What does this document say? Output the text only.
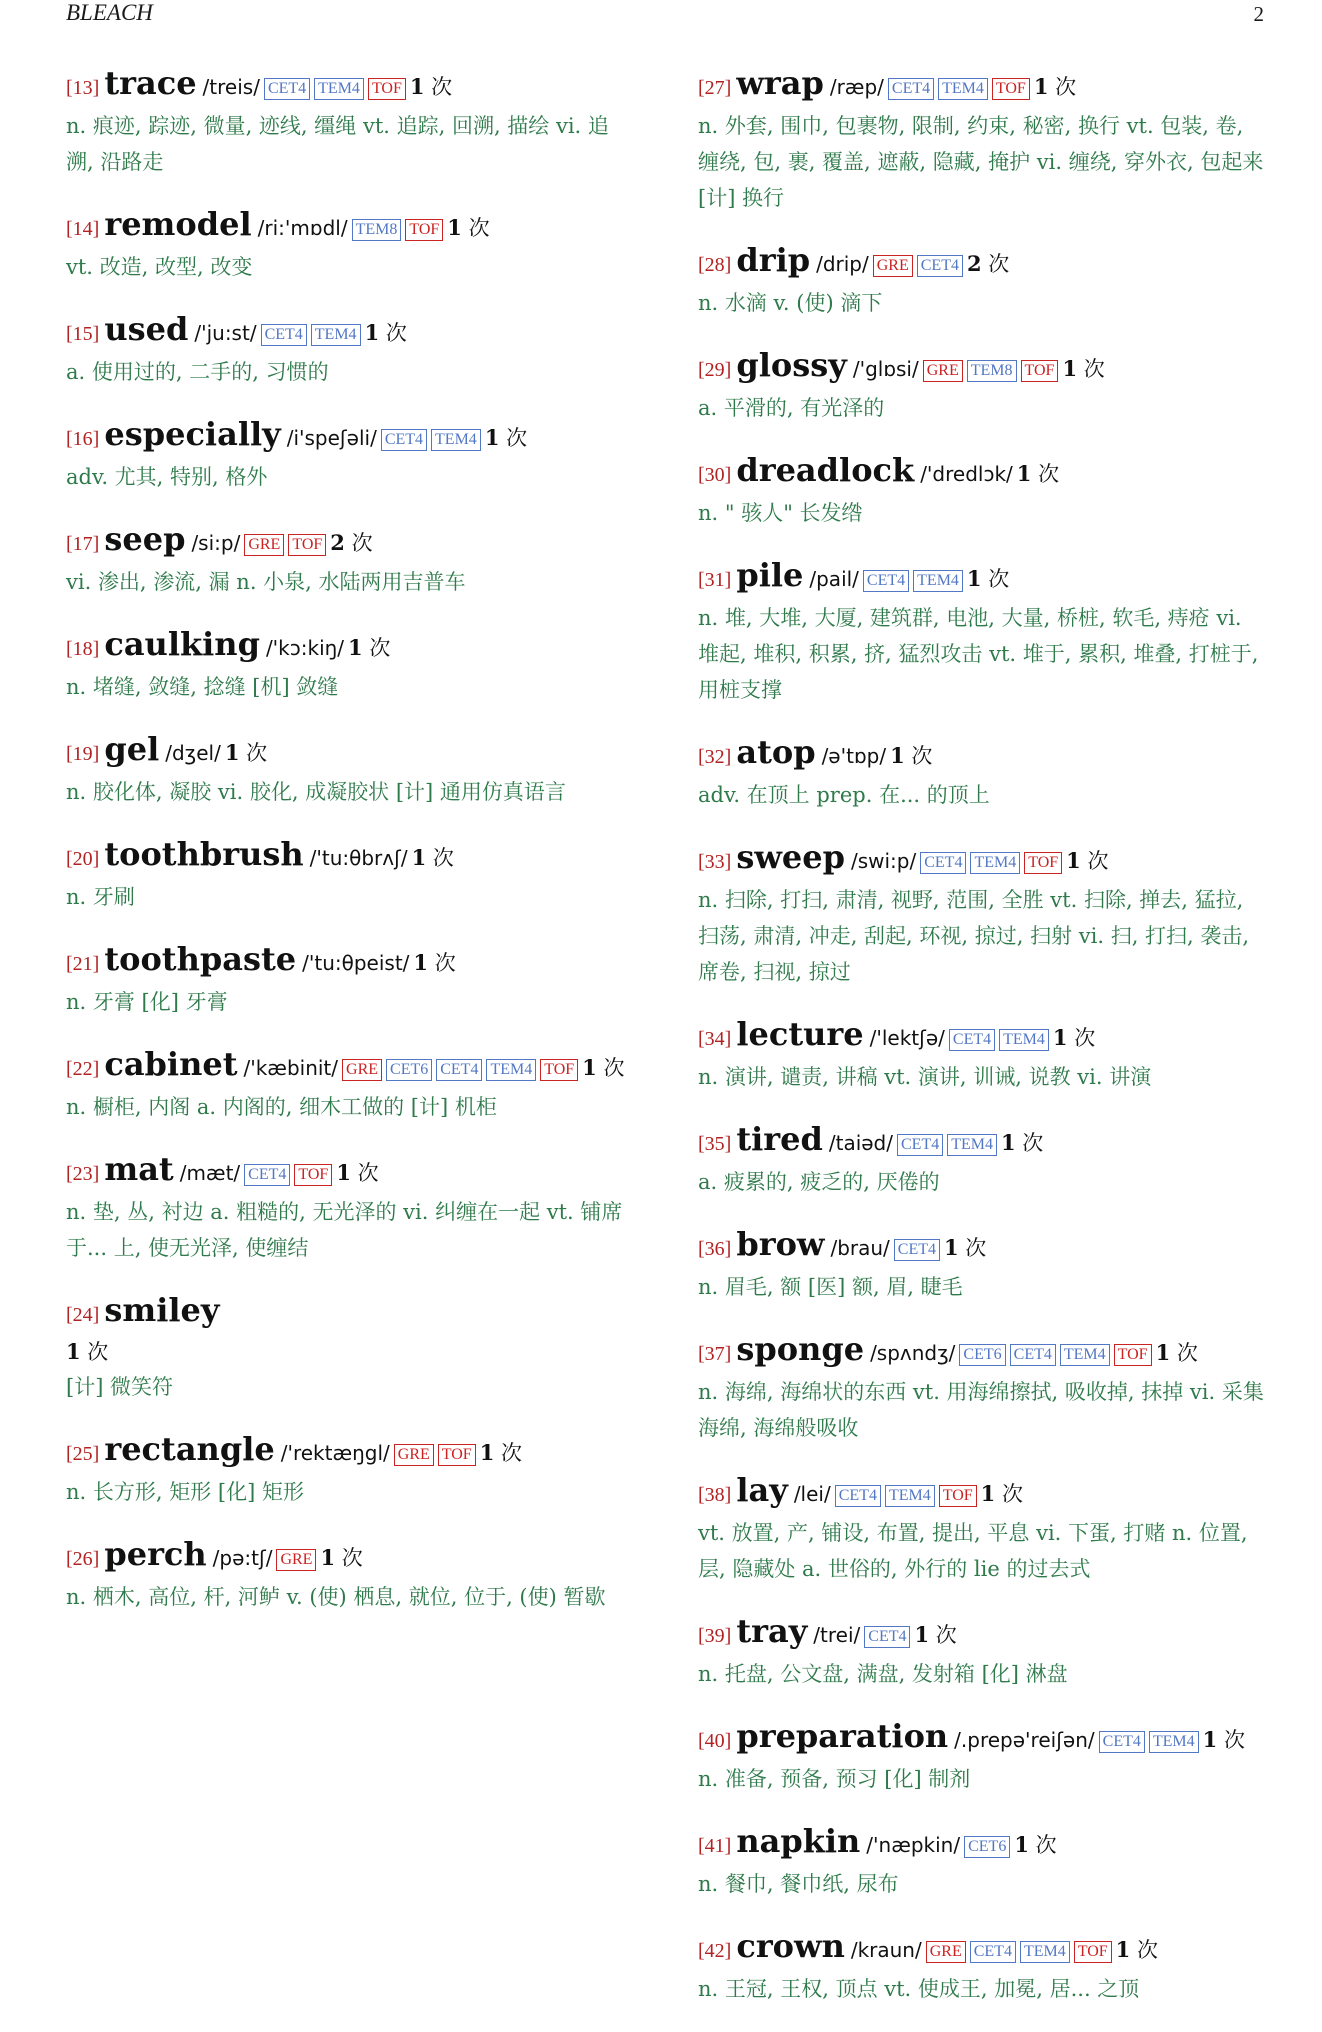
BLEACH	2
[13] trace /treis/ CET4 TEM4 TOF 1 次
n. 痕迹, 踪迹, 微量, 迹线, 缰绳 vt. 追踪, 回溯, 描绘 vi. 追溯, 沿路走
[14] remodel /ri:'mɒdl/ TEM8 TOF 1 次
vt. 改造, 改型, 改变
[15] used /'ju:st/ CET4 TEM4 1 次
a. 使用过的, 二手的, 习惯的
[16] especially /i'speʃəli/ CET4 TEM4 1 次
adv. 尤其, 特别, 格外
[17] seep /si:p/ GRE TOF 2 次
vi. 渗出, 渗流, 漏 n. 小泉, 水陆两用吉普车
[18] caulking /'kɔ:kiŋ/ 1 次
n. 堵缝, 敛缝, 捻缝 [机] 敛缝
[19] gel /dʒel/ 1 次
n. 胶化体, 凝胶 vi. 胶化, 成凝胶状 [计] 通用仿真语言
[20] toothbrush /'tu:θbrʌʃ/ 1 次
n. 牙刷
[21] toothpaste /'tu:θpeist/ 1 次
n. 牙膏 [化] 牙膏
[22] cabinet /'kæbinit/ GRE CET6 CET4 TEM4 TOF 1 次
n. 橱柜, 内阁 a. 内阁的, 细木工做的 [计] 机柜
[23] mat /mæt/ CET4 TOF 1 次
n. 垫, 丛, 衬边 a. 粗糙的, 无光泽的 vi. 纠缠在一起 vt. 铺席于... 上, 使无光泽, 使缠结
[24] smiley
1 次
[计] 微笑符
[25] rectangle /'rektæŋgl/ GRE TOF 1 次
n. 长方形, 矩形 [化] 矩形
[26] perch /pə:tʃ/ GRE 1 次
n. 栖木, 高位, 杆, 河鲈 v. (使) 栖息, 就位, 位于, (使) 暂歇
[27] wrap /ræp/ CET4 TEM4 TOF 1 次
n. 外套, 围巾, 包裹物, 限制, 约束, 秘密, 换行 vt. 包装, 卷, 缠绕, 包, 裹, 覆盖, 遮蔽, 隐藏, 掩护 vi. 缠绕, 穿外衣, 包起来 [计] 换行
[28] drip /drip/ GRE CET4 2 次
n. 水滴 v. (使) 滴下
[29] glossy /'glɒsi/ GRE TEM8 TOF 1 次
a. 平滑的, 有光泽的
[30] dreadlock /'dredlɔk/ 1 次
n. " 骇人" 长发绺
[31] pile /pail/ CET4 TEM4 1 次
n. 堆, 大堆, 大厦, 建筑群, 电池, 大量, 桥桩, 软毛, 痔疮 vi. 堆起, 堆积, 积累, 挤, 猛烈攻击 vt. 堆于, 累积, 堆叠, 打桩于, 用桩支撑
[32] atop /ə'tɒp/ 1 次
adv. 在顶上 prep. 在... 的顶上
[33] sweep /swi:p/ CET4 TEM4 TOF 1 次
n. 扫除, 打扫, 肃清, 视野, 范围, 全胜 vt. 扫除, 掸去, 猛拉, 扫荡, 肃清, 冲走, 刮起, 环视, 掠过, 扫射 vi. 扫, 打扫, 袭击, 席卷, 扫视, 掠过
[34] lecture /'lektʃə/ CET4 TEM4 1 次
n. 演讲, 谴责, 讲稿 vt. 演讲, 训诫, 说教 vi. 讲演
[35] tired /taiəd/ CET4 TEM4 1 次
a. 疲累的, 疲乏的, 厌倦的
[36] brow /brau/ CET4 1 次
n. 眉毛, 额 [医] 额, 眉, 睫毛
[37] sponge /spʌndʒ/ CET6 CET4 TEM4 TOF 1 次
n. 海绵, 海绵状的东西 vt. 用海绵擦拭, 吸收掉, 抹掉 vi. 采集海绵, 海绵般吸收
[38] lay /lei/ CET4 TEM4 TOF 1 次
vt. 放置, 产, 铺设, 布置, 提出, 平息 vi. 下蛋, 打赌 n. 位置, 层, 隐藏处 a. 世俗的, 外行的 lie 的过去式
[39] tray /trei/ CET4 1 次
n. 托盘, 公文盘, 满盘, 发射箱 [化] 淋盘
[40] preparation /.prepə'reiʃən/ CET4 TEM4 1 次
n. 准备, 预备, 预习 [化] 制剂
[41] napkin /'næpkin/ CET6 1 次
n. 餐巾, 餐巾纸, 尿布
[42] crown /kraun/ GRE CET4 TEM4 TOF 1 次
n. 王冠, 王权, 顶点 vt. 使成王, 加冕, 居... 之顶
